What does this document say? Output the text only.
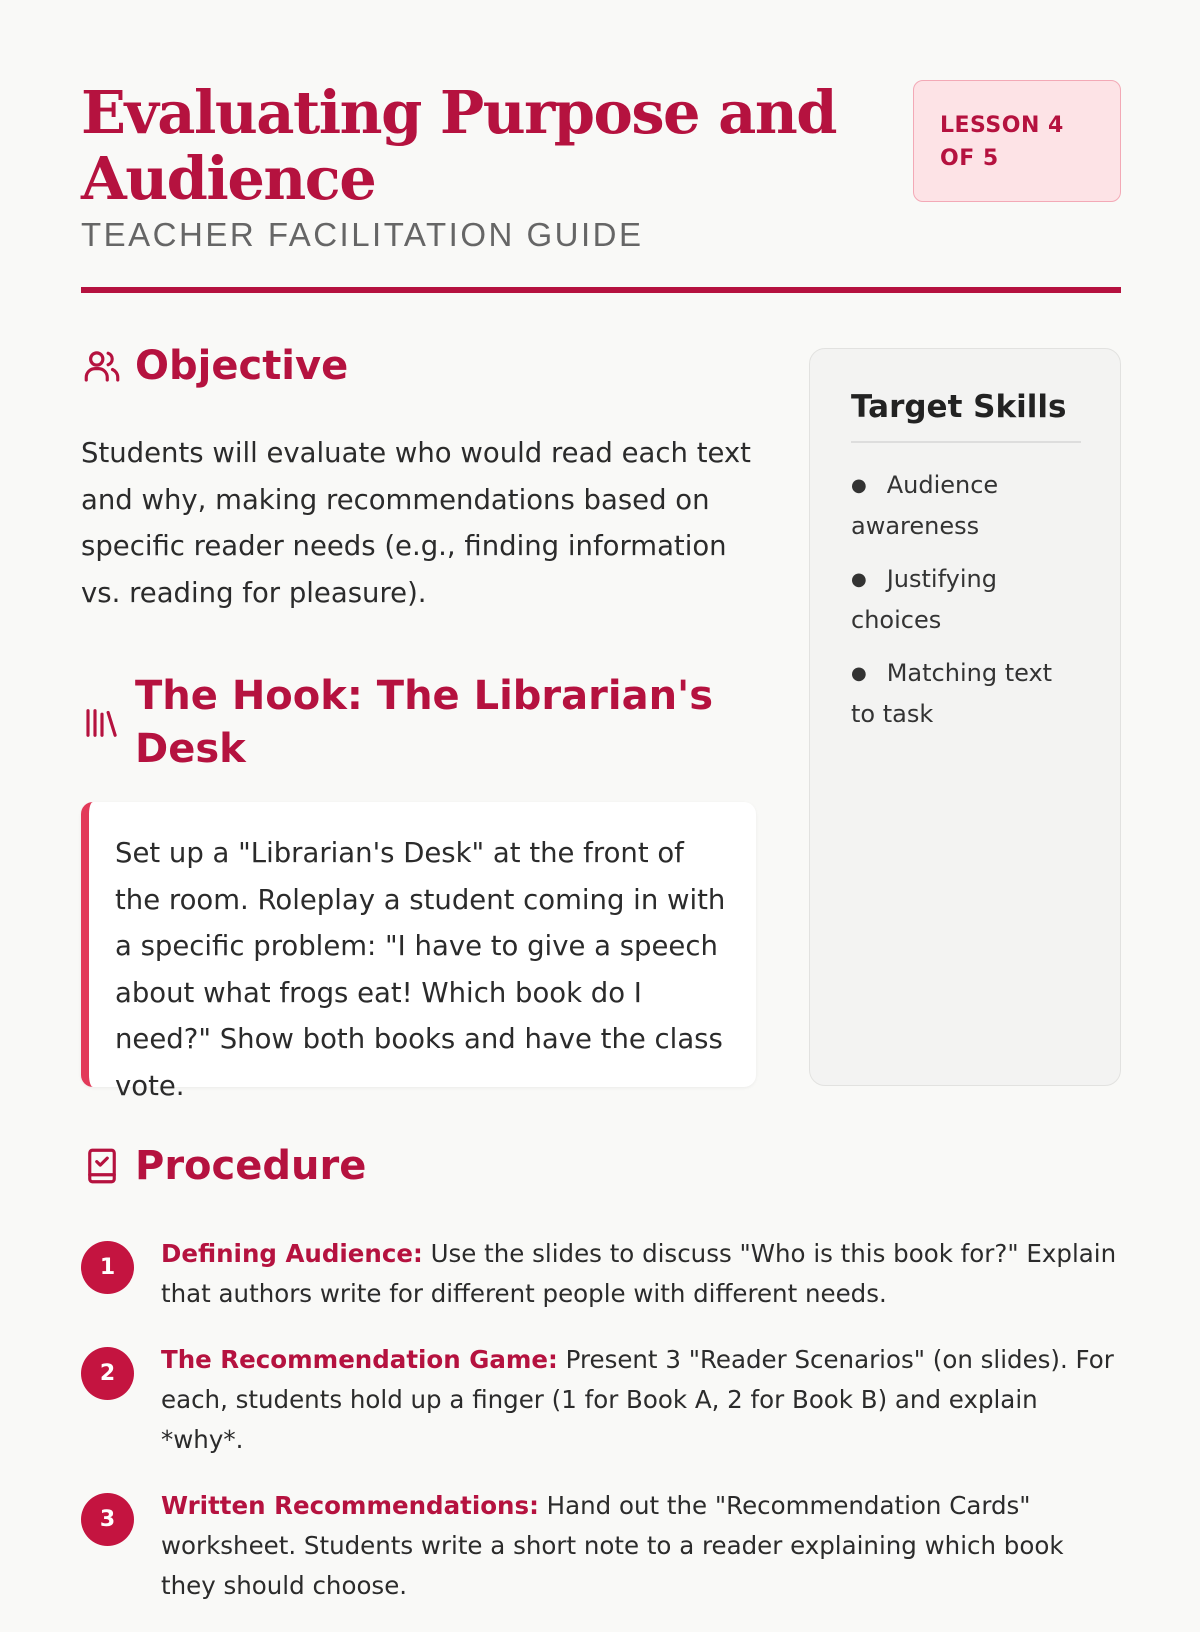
Evaluating Purpose and Audience

TEACHER FACILITATION GUIDE

LESSON 4 OF 5
Objective

Students will evaluate who would read each text and why, making recommendations based on specific reader needs (e.g., finding information vs. reading for pleasure).

The Hook: The Librarian's Desk
Set up a "Librarian's Desk" at the front of the room. Roleplay a student coming in with a specific problem: "I have to give a speech about what frogs eat! Which book do I need?" Show both books and have the class vote.
Target Skills
● Audience awareness
● Justifying choices
● Matching text to task
Procedure
1	Defining Audience: Use the slides to discuss "Who is this book for?" Explain that authors write for different people with different needs.
2	The Recommendation Game: Present 3 "Reader Scenarios" (on slides). For each, students hold up a finger (1 for Book A, 2 for Book B) and explain *why*.
3	Written Recommendations: Hand out the "Recommendation Cards" worksheet. Students write a short note to a reader explaining which book they should choose.
